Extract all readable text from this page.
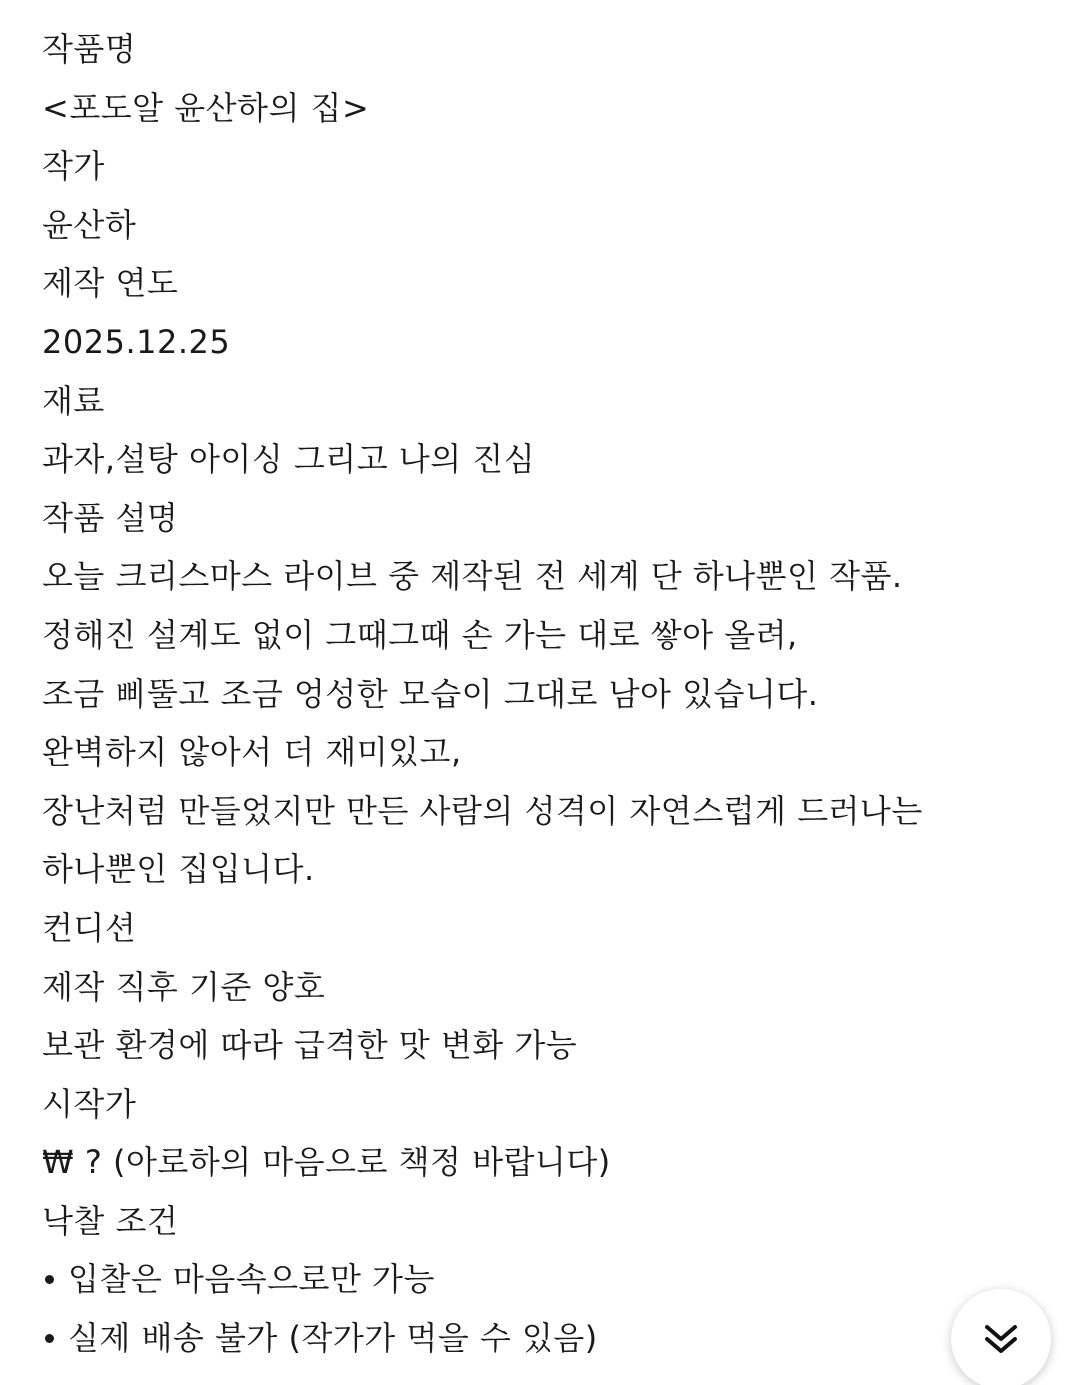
작품명
<포도알 윤산하의 집>
작가
윤산하
제작 연도
2025.12.25
재료
과자,설탕 아이싱 그리고 나의 진심
작품 설명
오늘 크리스마스 라이브 중 제작된 전 세계 단 하나뿐인 작품.
정해진 설계도 없이 그때그때 손 가는 대로 쌓아 올려,
조금 삐뚤고 조금 엉성한 모습이 그대로 남아 있습니다.
완벽하지 않아서 더 재미있고,
장난처럼 만들었지만 만든 사람의 성격이 자연스럽게 드러나는
하나뿐인 집입니다.
컨디션
제작 직후 기준 양호
보관 환경에 따라 급격한 맛 변화 가능
시작가
₩ ? (아로하의 마음으로 책정 바랍니다)
낙찰 조건
입찰은 마음속으로만 가능
실제 배송 불가 (작가가 먹을 수 있음)
